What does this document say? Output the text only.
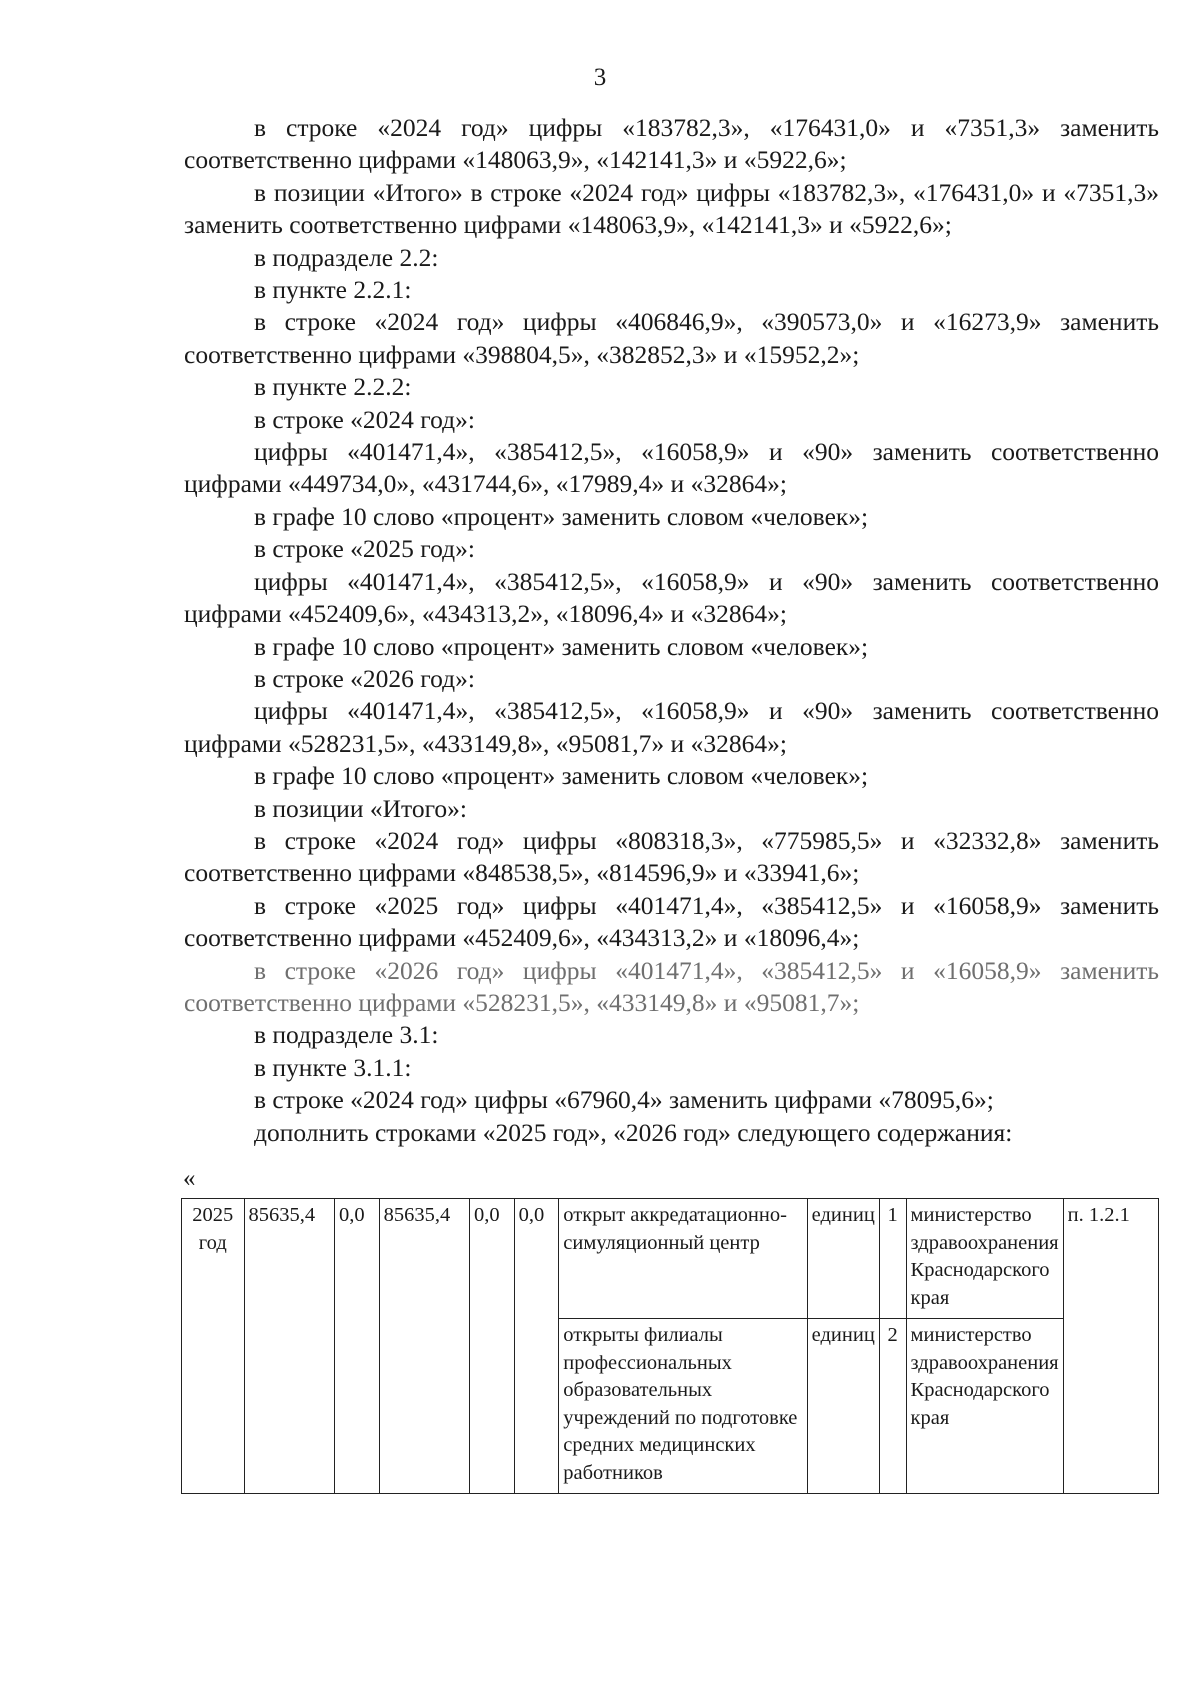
3

в строке «2024 год» цифры «183782,3», «176431,0» и «7351,3» заменить соответственно цифрами «148063,9», «142141,3» и «5922,6»;

в позиции «Итого» в строке «2024 год» цифры «183782,3», «176431,0» и «7351,3» заменить соответственно цифрами «148063,9», «142141,3» и «5922,6»;

в подразделе 2.2:

в пункте 2.2.1:

в строке «2024 год» цифры «406846,9», «390573,0» и «16273,9» заменить соответственно цифрами «398804,5», «382852,3» и «15952,2»;

в пункте 2.2.2:

в строке «2024 год»:

цифры «401471,4», «385412,5», «16058,9» и «90» заменить соответственно цифрами «449734,0», «431744,6», «17989,4» и «32864»;

в графе 10 слово «процент» заменить словом «человек»;

в строке «2025 год»:

цифры «401471,4», «385412,5», «16058,9» и «90» заменить соответственно цифрами «452409,6», «434313,2», «18096,4» и «32864»;

в графе 10 слово «процент» заменить словом «человек»;

в строке «2026 год»:

цифры «401471,4», «385412,5», «16058,9» и «90» заменить соответственно цифрами «528231,5», «433149,8», «95081,7» и «32864»;

в графе 10 слово «процент» заменить словом «человек»;

в позиции «Итого»:

в строке «2024 год» цифры «808318,3», «775985,5» и «32332,8» заменить соответственно цифрами «848538,5», «814596,9» и «33941,6»;

в строке «2025 год» цифры «401471,4», «385412,5» и «16058,9» заменить соответственно цифрами «452409,6», «434313,2» и «18096,4»;

в строке «2026 год» цифры «401471,4», «385412,5» и «16058,9» заменить соответственно цифрами «528231,5», «433149,8» и «95081,7»;

в подразделе 3.1:

в пункте 3.1.1:

в строке «2024 год» цифры «67960,4» заменить цифрами «78095,6»;

дополнить строками «2025 год», «2026 год» следующего содержания:

«
2025 год	85635,4	0,0	85635,4	0,0	0,0	открыт аккредатационно-симуляционный центр	единиц	1	министерство здравоохранения Краснодарского края	п. 1.2.1
						открыты филиалы профессиональных образовательных учреждений по подготовке средних медицинских работников	единиц	2	министерство здравоохранения Краснодарского края	
